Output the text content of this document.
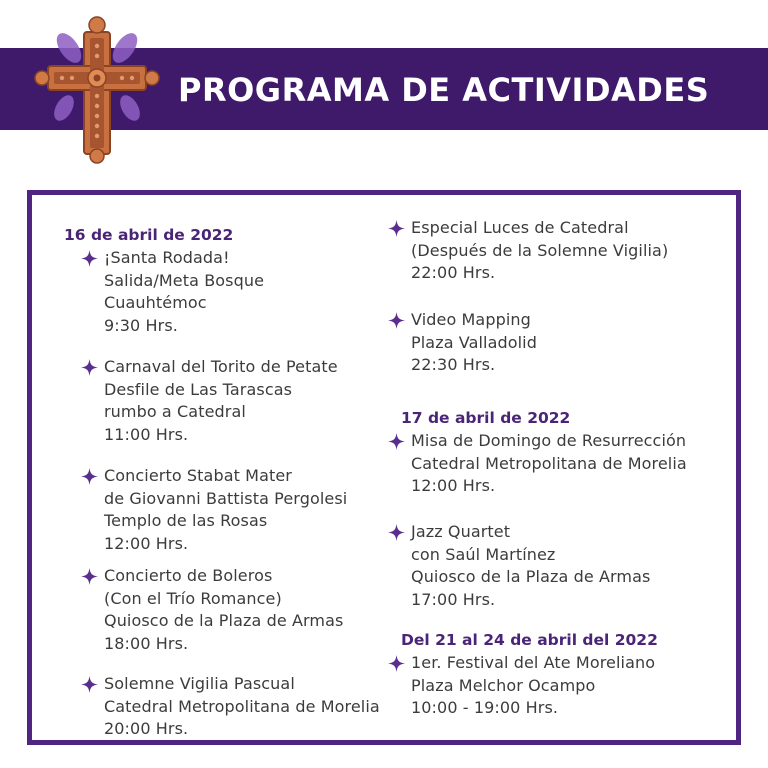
PROGRAMA DE ACTIVIDADES
16 de abril de 2022
¡Santa Rodada!
Salida/Meta Bosque
Cuauhtémoc
9:30 Hrs.
Carnaval del Torito de Petate
Desfile de Las Tarascas
rumbo a Catedral
11:00 Hrs.
Concierto Stabat Mater
de Giovanni Battista Pergolesi
Templo de las Rosas
12:00 Hrs.
Concierto de Boleros
(Con el Trío Romance)
Quiosco de la Plaza de Armas
18:00 Hrs.
Solemne Vigilia Pascual
Catedral Metropolitana de Morelia
20:00 Hrs.
Especial Luces de Catedral
(Después de la Solemne Vigilia)
22:00 Hrs.
Video Mapping
Plaza Valladolid
22:30 Hrs.
17 de abril de 2022
Misa de Domingo de Resurrección
Catedral Metropolitana de Morelia
12:00 Hrs.
Jazz Quartet
con Saúl Martínez
Quiosco de la Plaza de Armas
17:00 Hrs.
Del 21 al 24 de abril del 2022
1er. Festival del Ate Moreliano
Plaza Melchor Ocampo
10:00 - 19:00 Hrs.
